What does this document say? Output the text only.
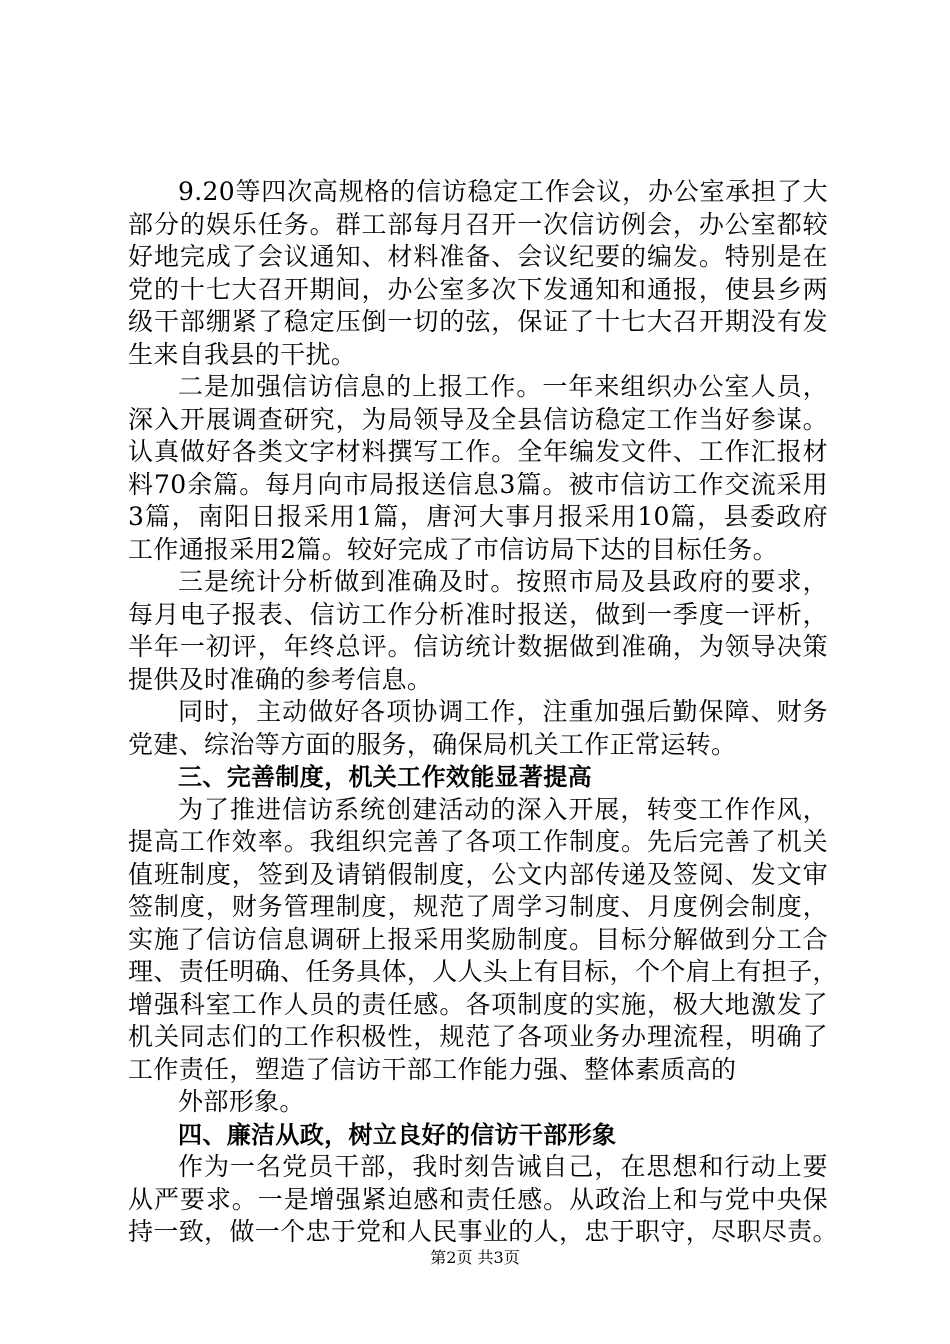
9.20等四次高规格的信访稳定工作会议，办公室承担了大
部分的娱乐任务。群工部每月召开一次信访例会，办公室都较
好地完成了会议通知、材料准备、会议纪要的编发。特别是在
党的十七大召开期间，办公室多次下发通知和通报，使县乡两
级干部绷紧了稳定压倒一切的弦，保证了十七大召开期没有发
生来自我县的干扰。
二是加强信访信息的上报工作。一年来组织办公室人员，
深入开展调查研究，为局领导及全县信访稳定工作当好参谋。
认真做好各类文字材料撰写工作。全年编发文件、工作汇报材
料70余篇。每月向市局报送信息3篇。被市信访工作交流采用
3篇，南阳日报采用1篇，唐河大事月报采用10篇，县委政府
工作通报采用2篇。较好完成了市信访局下达的目标任务。
三是统计分析做到准确及时。按照市局及县政府的要求，
每月电子报表、信访工作分析准时报送，做到一季度一评析，
半年一初评，年终总评。信访统计数据做到准确，为领导决策
提供及时准确的参考信息。
同时，主动做好各项协调工作，注重加强后勤保障、财务
党建、综治等方面的服务，确保局机关工作正常运转。
三、完善制度，机关工作效能显著提高
为了推进信访系统创建活动的深入开展，转变工作作风，
提高工作效率。我组织完善了各项工作制度。先后完善了机关
值班制度，签到及请销假制度，公文内部传递及签阅、发文审
签制度，财务管理制度，规范了周学习制度、月度例会制度，
实施了信访信息调研上报采用奖励制度。目标分解做到分工合
理、责任明确、任务具体，人人头上有目标，个个肩上有担子，
增强科室工作人员的责任感。各项制度的实施，极大地激发了
机关同志们的工作积极性，规范了各项业务办理流程，明确了
工作责任，塑造了信访干部工作能力强、整体素质高的
外部形象。
四、廉洁从政，树立良好的信访干部形象
作为一名党员干部，我时刻告诫自己，在思想和行动上要
从严要求。一是增强紧迫感和责任感。从政治上和与党中央保
持一致，做一个忠于党和人民事业的人，忠于职守，尽职尽责。
第2页 共3页
